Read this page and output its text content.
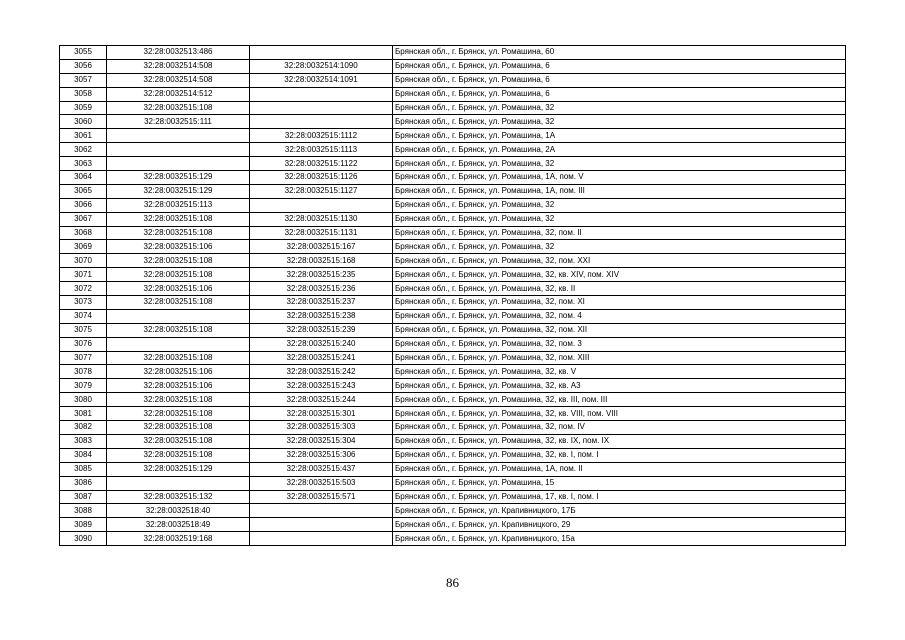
3055	32:28:0032513:486		Брянская обл., г. Брянск, ул. Ромашина, 60
3056	32:28:0032514:508	32:28:0032514:1090	Брянская обл., г. Брянск, ул. Ромашина, 6
3057	32:28:0032514:508	32:28:0032514:1091	Брянская обл., г. Брянск, ул. Ромашина, 6
3058	32:28:0032514:512		Брянская обл., г. Брянск, ул. Ромашина, 6
3059	32:28:0032515:108		Брянская обл., г. Брянск, ул. Ромашина, 32
3060	32:28:0032515:111		Брянская обл., г. Брянск, ул. Ромашина, 32
3061		32:28:0032515:1112	Брянская обл., г. Брянск, ул. Ромашина, 1А
3062		32:28:0032515:1113	Брянская обл., г. Брянск, ул. Ромашина, 2А
3063		32:28:0032515:1122	Брянская обл., г. Брянск, ул. Ромашина, 32
3064	32:28:0032515:129	32:28:0032515:1126	Брянская обл., г. Брянск, ул. Ромашина, 1А, пом. V
3065	32:28:0032515:129	32:28:0032515:1127	Брянская обл., г. Брянск, ул. Ромашина, 1А, пом. III
3066	32:28:0032515:113		Брянская обл., г. Брянск, ул. Ромашина, 32
3067	32:28:0032515:108	32:28:0032515:1130	Брянская обл., г. Брянск, ул. Ромашина, 32
3068	32:28:0032515:108	32:28:0032515:1131	Брянская обл., г. Брянск, ул. Ромашина, 32, пом. II
3069	32:28:0032515:106	32:28:0032515:167	Брянская обл., г. Брянск, ул. Ромашина, 32
3070	32:28:0032515:108	32:28:0032515:168	Брянская обл., г. Брянск, ул. Ромашина, 32, пом. XXI
3071	32:28:0032515:108	32:28:0032515:235	Брянская обл., г. Брянск, ул. Ромашина, 32, кв. XIV, пом. XIV
3072	32:28:0032515:106	32:28:0032515:236	Брянская обл., г. Брянск, ул. Ромашина, 32, кв. II
3073	32:28:0032515:108	32:28:0032515:237	Брянская обл., г. Брянск, ул. Ромашина, 32, пом. XI
3074		32:28:0032515:238	Брянская обл., г. Брянск, ул. Ромашина, 32, пом. 4
3075	32:28:0032515:108	32:28:0032515:239	Брянская обл., г. Брянск, ул. Ромашина, 32, пом. XII
3076		32:28:0032515:240	Брянская обл., г. Брянск, ул. Ромашина, 32, пом. 3
3077	32:28:0032515:108	32:28:0032515:241	Брянская обл., г. Брянск, ул. Ромашина, 32, пом. XIII
3078	32:28:0032515:106	32:28:0032515:242	Брянская обл., г. Брянск, ул. Ромашина, 32, кв. V
3079	32:28:0032515:106	32:28:0032515:243	Брянская обл., г. Брянск, ул. Ромашина, 32, кв. А3
3080	32:28:0032515:108	32:28:0032515:244	Брянская обл., г. Брянск, ул. Ромашина, 32, кв. III, пом. III
3081	32:28:0032515:108	32:28:0032515:301	Брянская обл., г. Брянск, ул. Ромашина, 32, кв. VIII, пом. VIII
3082	32:28:0032515:108	32:28:0032515:303	Брянская обл., г. Брянск, ул. Ромашина, 32, пом. IV
3083	32:28:0032515:108	32:28:0032515:304	Брянская обл., г. Брянск, ул. Ромашина, 32, кв. IX, пом. IX
3084	32:28:0032515:108	32:28:0032515:306	Брянская обл., г. Брянск, ул. Ромашина, 32, кв. I, пом. I
3085	32:28:0032515:129	32:28:0032515:437	Брянская обл., г. Брянск, ул. Ромашина, 1А, пом. II
3086		32:28:0032515:503	Брянская обл., г. Брянск, ул. Ромашина, 15
3087	32:28:0032515:132	32:28:0032515:571	Брянская обл., г. Брянск, ул. Ромашина, 17, кв. I, пом. I
3088	32:28:0032518:40		Брянская обл., г. Брянск, ул. Крапивницкого, 17Б
3089	32:28:0032518:49		Брянская обл., г. Брянск, ул. Крапивницкого, 29
3090	32:28:0032519:168		Брянская обл., г. Брянск, ул. Крапивницкого, 15а
86
